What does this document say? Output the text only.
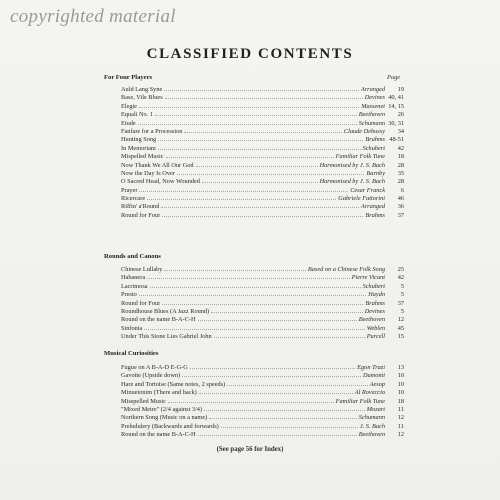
copyrighted material
CLASSIFIED CONTENTS
Page
For Four Players
Auld Lang Syne	Arranged	19
Base, Vile Blues	Devines 40, 41
Elegie	Massenet 14, 15
Equali No. 1	Beethoven	26
Etude	Schumann 30, 31
Fanfare for a Procession	Claude Debussy	34
Hunting Song	Brahms 48-51
In Memoriam	Schubert	42
Mispelled Music	Familiar Folk Tune	18
Now Thank We All Our God	Harmonised by J. S. Bach	28
Now the Day Is Over	Barnby	35
O Sacred Head, Now Wounded	Harmonised by J. S. Bach	28
Prayer	Cesar Franck	6
Ricercare	Gabriele Fattorini	46
Riffin' a'Round	Arranged	36
Round for Four	Brahms	37
Rounds and Canons
Chinese Lullaby	Based on a Chinese Folk Song	25
Habanera	Pierre Vicant	42
Lacrimosa	Schubert	5
Presto	Haydn	5
Round for Four	Brahms	37
Roundhouse Blues (A Jazz Round)	Devines	5
Round on the name B-A-C-H	Beethoven	12
Sinfonia	Weblen	45
Under This Stone Lies Gabriel John	Purcell	15
Musical Curiosities
Fugue on A B-A-D E-G-G	Egon Trazi	13
Gavotte (Upside down)	Dumonti	10
Hare and Tortoise (Same notes, 2 speeds)	Aesop	10
Minuetonim (There and back)	Al Roveccio	10
Misspelled Music	Familiar Folk Tune	18
"Mixed Metre" (2/4 against 3/4)	Mozart	11
Northern Song (Music on a name)	Schumann	12
Preludulery (Backwards and forwards)	J. S. Bach	11
Round on the name B-A-C-H	Beethoven	12
(See page 56 for Index)
